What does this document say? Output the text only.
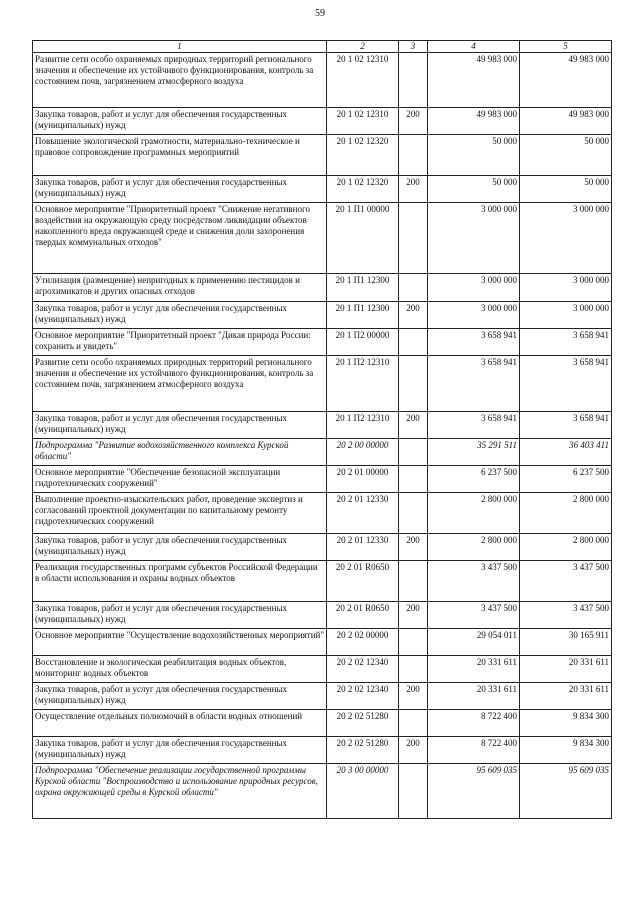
59
1	2	3	4	5
Развитие сети особо охраняемых природных территорий регионального значения и обеспечение их устойчивого функционирования, контроль за состоянием почв, загрязнением атмосферного воздуха	20 1 02 12310		49 983 000	49 983 000
Закупка товаров, работ и услуг для обеспечения государственных (муниципальных) нужд	20 1 02 12310	200	49 983 000	49 983 000
Повышение экологической грамотности, материально-техническое и правовое сопровождение программных мероприятий	20 1 02 12320		50 000	50 000
Закупка товаров, работ и услуг для обеспечения государственных (муниципальных) нужд	20 1 02 12320	200	50 000	50 000
Основное мероприятие "Приоритетный проект "Снижение негативного воздействия на окружающую среду посредством ликвидации объектов накопленного вреда окружающей среде и снижения доли захоронения твердых коммунальных отходов"	20 1 П1 00000		3 000 000	3 000 000
Утилизация (размещение) непригодных к применению пестицидов и агрохимикатов и других опасных отходов	20 1 П1 12300		3 000 000	3 000 000
Закупка товаров, работ и услуг для обеспечения государственных (муниципальных) нужд	20 1 П1 12300	200	3 000 000	3 000 000
Основное мероприятие "Приоритетный проект "Дикая природа России: сохранить и увидеть"	20 1 П2 00000		3 658 941	3 658 941
Развитие сети особо охраняемых природных территорий регионального значения и обеспечение их устойчивого функционирования, контроль за состоянием почв, загрязнением атмосферного воздуха	20 1 П2 12310		3 658 941	3 658 941
Закупка товаров, работ и услуг для обеспечения государственных (муниципальных) нужд	20 1 П2 12310	200	3 658 941	3 658 941
Подпрограмма "Развитие водохозяйственного комплекса Курской области"	20 2 00 00000		35 291 511	36 403 411
Основное мероприятие "Обеспечение безопасной эксплуатации гидротехнических сооружений"	20 2 01 00000		6 237 500	6 237 500
Выполнение проектно-изыскательских работ, проведение экспертиз и согласований проектной документации по капитальному ремонту гидротехнических сооружений	20 2 01 12330		2 800 000	2 800 000
Закупка товаров, работ и услуг для обеспечения государственных (муниципальных) нужд	20 2 01 12330	200	2 800 000	2 800 000
Реализация государственных программ субъектов Российской Федерации в области использования и охраны водных объектов	20 2 01 R0650		3 437 500	3 437 500
Закупка товаров, работ и услуг для обеспечения государственных (муниципальных) нужд	20 2 01 R0650	200	3 437 500	3 437 500
Основное мероприятие "Осуществление водохозяйственных мероприятий"	20 2 02 00000		29 054 011	30 165 911
Восстановление и экологическая реабилитация водных объектов, мониторинг водных объектов	20 2 02 12340		20 331 611	20 331 611
Закупка товаров, работ и услуг для обеспечения государственных (муниципальных) нужд	20 2 02 12340	200	20 331 611	20 331 611
Осуществление отдельных полномочий в области водных отношений	20 2 02 51280		8 722 400	9 834 300
Закупка товаров, работ и услуг для обеспечения государственных (муниципальных) нужд	20 2 02 51280	200	8 722 400	9 834 300
Подпрограмма "Обеспечение реализации государственной программы Курской области "Воспроизводство и использование природных ресурсов, охрана окружающей среды в Курской области"	20 3 00 00000		95 609 035	95 609 035
